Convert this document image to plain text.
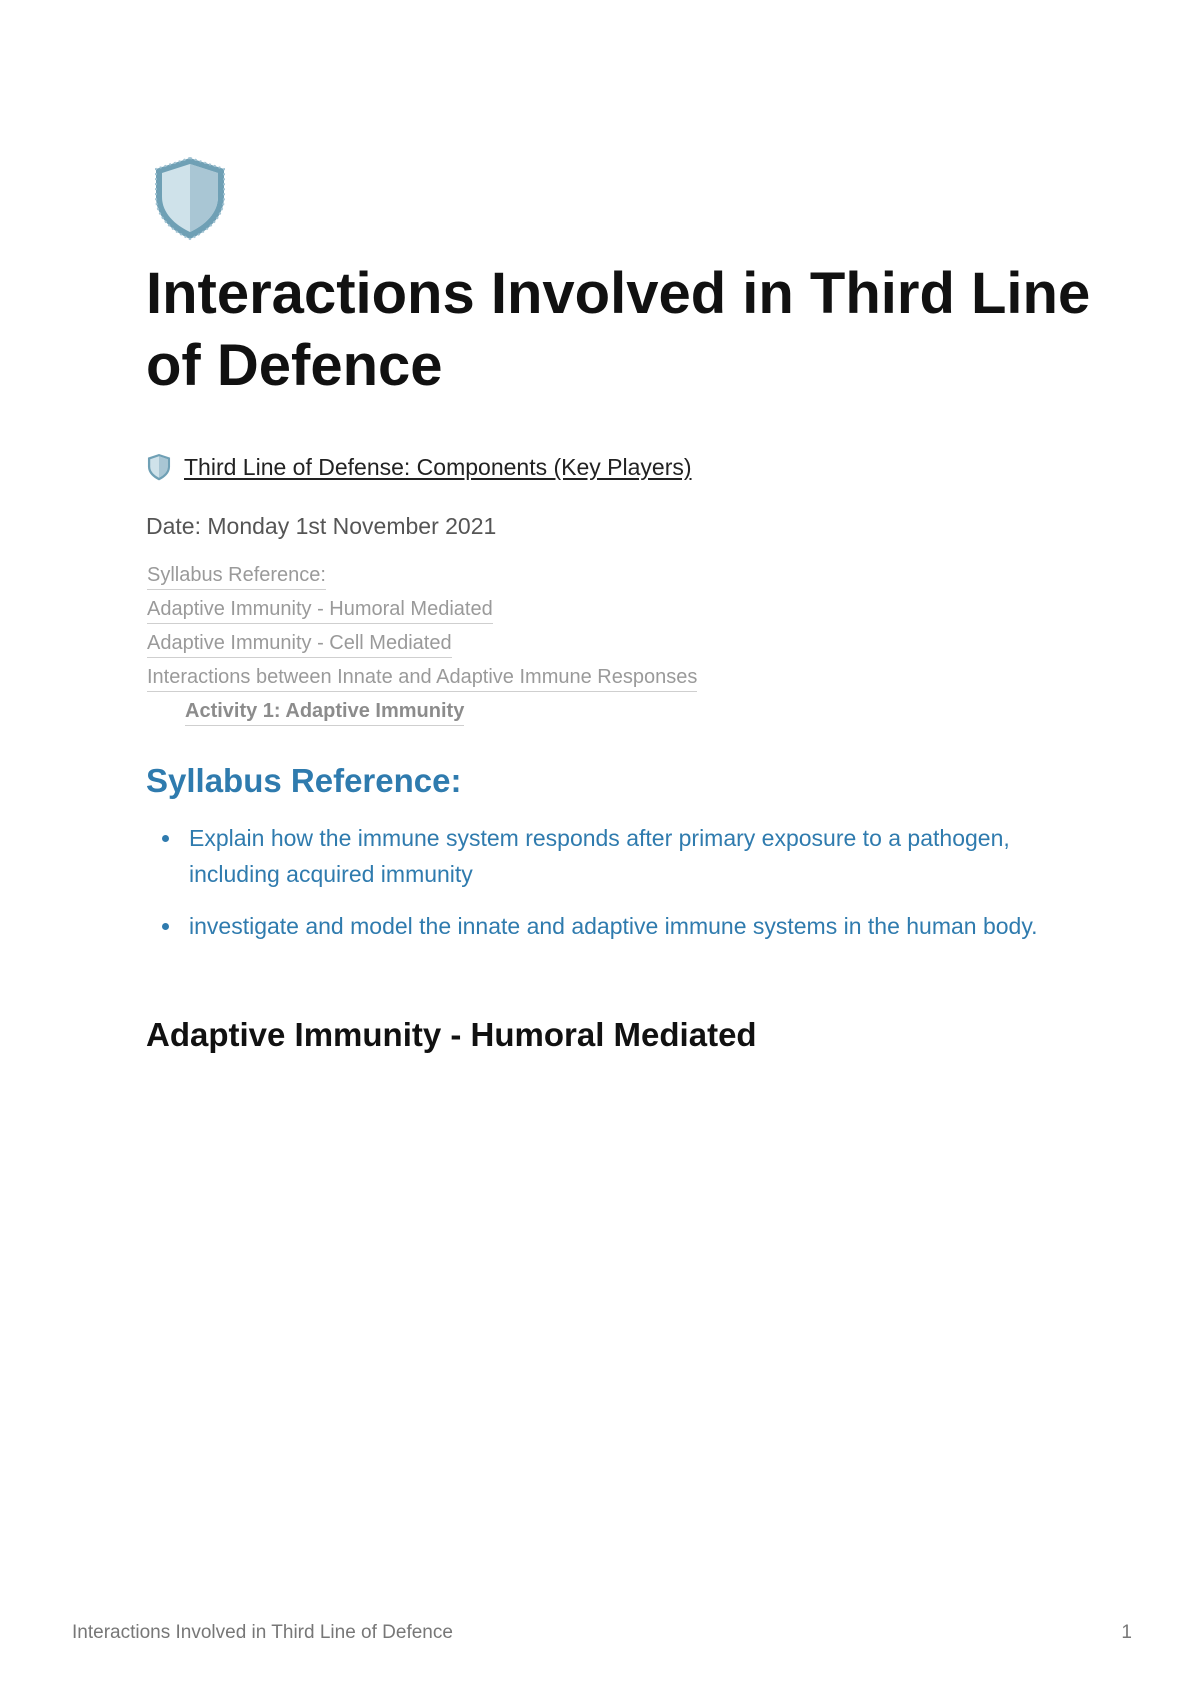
Interactions Involved in Third Line of Defence
Third Line of Defense: Components (Key Players)
Date: Monday 1st November 2021
Syllabus Reference:
Adaptive Immunity - Humoral Mediated
Adaptive Immunity - Cell Mediated
Interactions between Innate and Adaptive Immune Responses
Activity 1: Adaptive Immunity
Syllabus Reference:
Explain how the immune system responds after primary exposure to a pathogen, including acquired immunity
investigate and model the innate and adaptive immune systems in the human body.
Adaptive Immunity - Humoral Mediated
Interactions Involved in Third Line of Defence	1
